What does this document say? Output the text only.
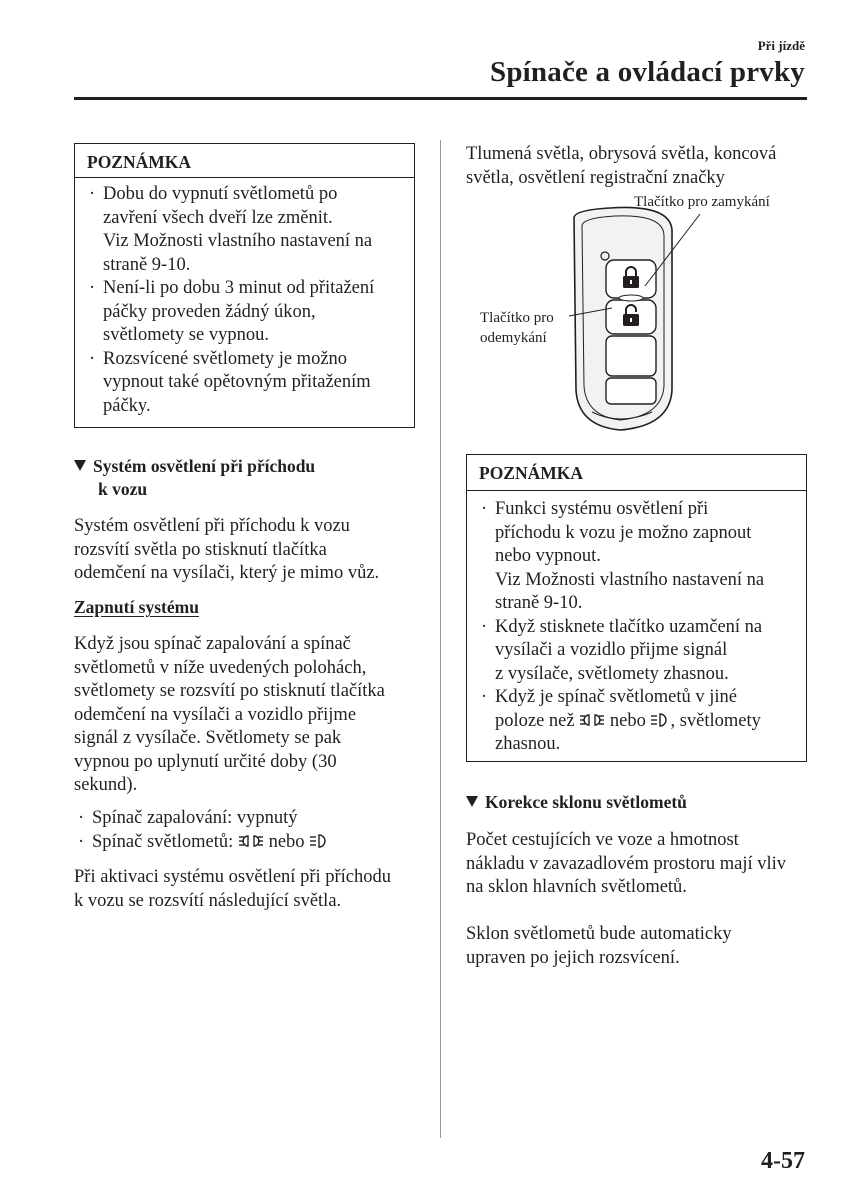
Při jízdě
Spínače a ovládací prvky
POZNÁMKA
· Dobu do vypnutí světlometů po
zavření všech dveří lze změnit.
Viz Možnosti vlastního nastavení na
straně 9-10.
· Není-li po dobu 3 minut od přitažení
páčky proveden žádný úkon,
světlomety se vypnou.
· Rozsvícené světlomety je možno
vypnout také opětovným přitažením
páčky.
Systém osvětlení při příchodu
k vozu
Systém osvětlení při příchodu k vozu
rozsvítí světla po stisknutí tlačítka
odemčení na vysílači, který je mimo vůz.
Zapnutí systému
Když jsou spínač zapalování a spínač
světlometů v níže uvedených polohách,
světlomety se rozsvítí po stisknutí tlačítka
odemčení na vysílači a vozidlo přijme
signál z vysílače. Světlomety se pak
vypnou po uplynutí určité doby (30
sekund).
· Spínač zapalování: vypnutý
· Spínač světlometů: nebo
Při aktivaci systému osvětlení při příchodu
k vozu se rozsvítí následující světla.
Tlumená světla, obrysová světla, koncová
světla, osvětlení registrační značky
Tlačítko pro zamykání
Tlačítko pro
odemykání
POZNÁMKA
· Funkci systému osvětlení při
příchodu k vozu je možno zapnout
nebo vypnout.
Viz Možnosti vlastního nastavení na
straně 9-10.
· Když stisknete tlačítko uzamčení na
vysílači a vozidlo přijme signál
z vysílače, světlomety zhasnou.
· Když je spínač světlometů v jiné
poloze než nebo , světlomety
zhasnou.
Korekce sklonu světlometů
Počet cestujících ve voze a hmotnost
nákladu v zavazadlovém prostoru mají vliv
na sklon hlavních světlometů.
Sklon světlometů bude automaticky
upraven po jejich rozsvícení.
4-57
